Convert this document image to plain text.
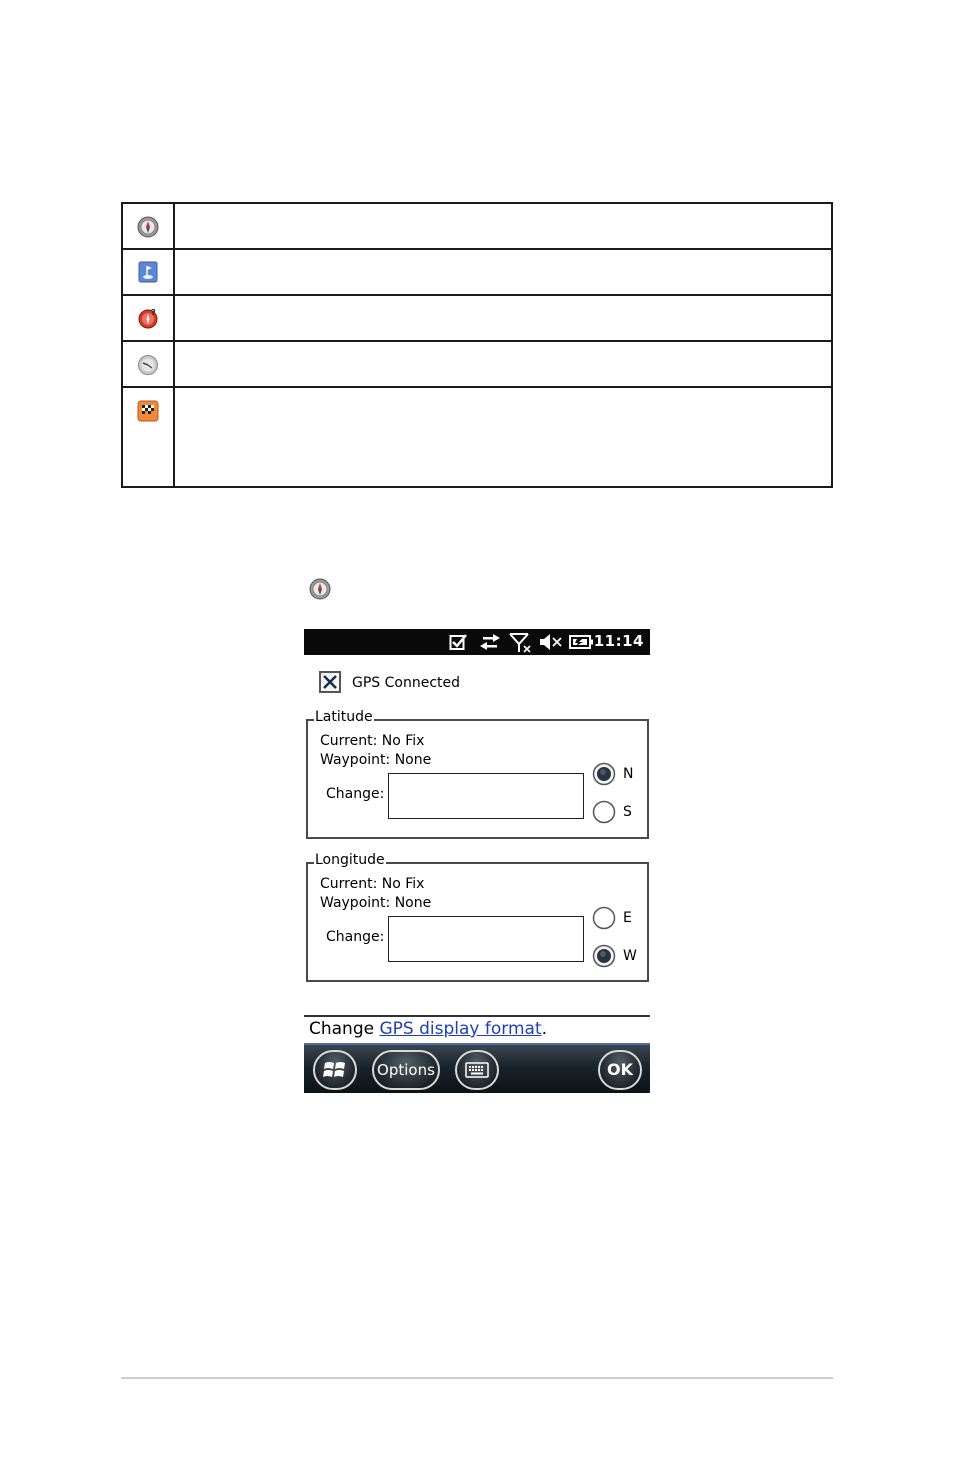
?
11:14
GPS Connected
Latitude
Current: No Fix
Waypoint: None
Change:
N
S
Longitude
Current: No Fix
Waypoint: None
Change:
E
W
Change GPS display format.
Options	OK
